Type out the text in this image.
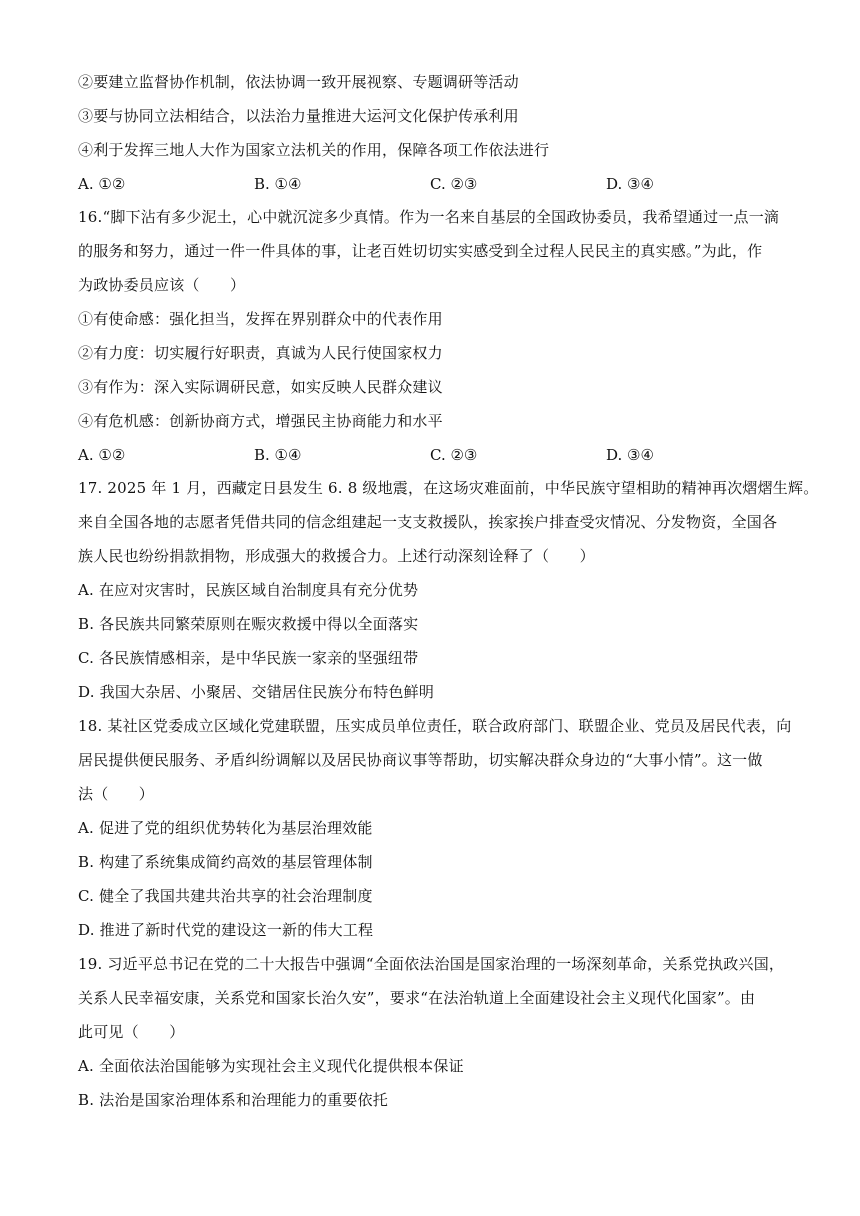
②要建立监督协作机制，依法协调一致开展视察、专题调研等活动
③要与协同立法相结合，以法治力量推进大运河文化保护传承利用
④利于发挥三地人大作为国家立法机关的作用，保障各项工作依法进行
A. ①②	B. ①④	C. ②③	D. ③④
16.“脚下沾有多少泥土，心中就沉淀多少真情。作为一名来自基层的全国政协委员，我希望通过一点一滴
的服务和努力，通过一件一件具体的事，让老百姓切切实实感受到全过程人民民主的真实感。”为此，作
为政协委员应该（　　）
①有使命感：强化担当，发挥在界别群众中的代表作用
②有力度：切实履行好职责，真诚为人民行使国家权力
③有作为：深入实际调研民意，如实反映人民群众建议
④有危机感：创新协商方式，增强民主协商能力和水平
A. ①②	B. ①④	C. ②③	D. ③④
17. 2025 年 1 月，西藏定日县发生 6. 8 级地震，在这场灾难面前，中华民族守望相助的精神再次熠熠生辉。
来自全国各地的志愿者凭借共同的信念组建起一支支救援队，挨家挨户排查受灾情况、分发物资，全国各
族人民也纷纷捐款捐物，形成强大的救援合力。上述行动深刻诠释了（　　）
A. 在应对灾害时，民族区域自治制度具有充分优势
B. 各民族共同繁荣原则在赈灾救援中得以全面落实
C. 各民族情感相亲，是中华民族一家亲的坚强纽带
D. 我国大杂居、小聚居、交错居住民族分布特色鲜明
18. 某社区党委成立区域化党建联盟，压实成员单位责任，联合政府部门、联盟企业、党员及居民代表，向
居民提供便民服务、矛盾纠纷调解以及居民协商议事等帮助，切实解决群众身边的“大事小情”。这一做
法（　　）
A. 促进了党的组织优势转化为基层治理效能
B. 构建了系统集成简约高效的基层管理体制
C. 健全了我国共建共治共享的社会治理制度
D. 推进了新时代党的建设这一新的伟大工程
19. 习近平总书记在党的二十大报告中强调“全面依法治国是国家治理的一场深刻革命，关系党执政兴国，
关系人民幸福安康，关系党和国家长治久安”，要求“在法治轨道上全面建设社会主义现代化国家”。由
此可见（　　）
A. 全面依法治国能够为实现社会主义现代化提供根本保证
B. 法治是国家治理体系和治理能力的重要依托
